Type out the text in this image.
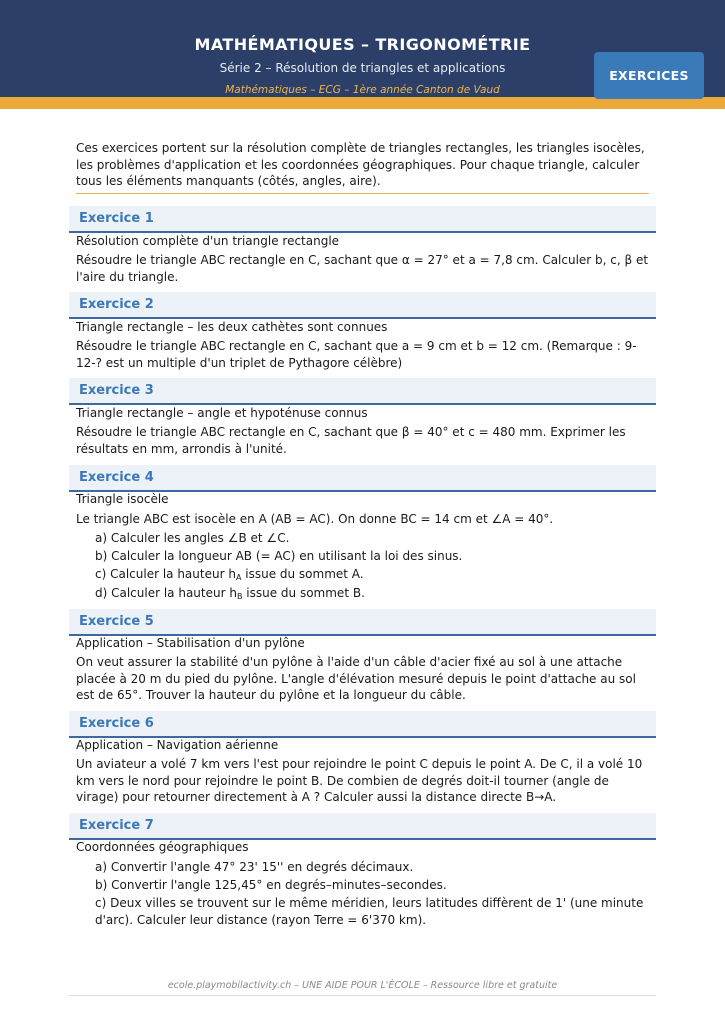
MATHÉMATIQUES – TRIGONOMÉTRIE
Série 2 – Résolution de triangles et applications
Mathématiques – ECG – 1ère année Canton de Vaud
EXERCICES
Ces exercices portent sur la résolution complète de triangles rectangles, les triangles isocèles, les problèmes d'application et les coordonnées géographiques. Pour chaque triangle, calculer tous les éléments manquants (côtés, angles, aire).
Exercice 1
Résolution complète d'un triangle rectangle
Résoudre le triangle ABC rectangle en C, sachant que α = 27° et a = 7,8 cm. Calculer b, c, β et l'aire du triangle.
Exercice 2
Triangle rectangle – les deux cathètes sont connues
Résoudre le triangle ABC rectangle en C, sachant que a = 9 cm et b = 12 cm. (Remarque : 9-12-? est un multiple d'un triplet de Pythagore célèbre)
Exercice 3
Triangle rectangle – angle et hypoténuse connus
Résoudre le triangle ABC rectangle en C, sachant que β = 40° et c = 480 mm. Exprimer les résultats en mm, arrondis à l'unité.
Exercice 4
Triangle isocèle
Le triangle ABC est isocèle en A (AB = AC). On donne BC = 14 cm et ∠A = 40°.
a) Calculer les angles ∠B et ∠C.
b) Calculer la longueur AB (= AC) en utilisant la loi des sinus.
c) Calculer la hauteur $h_A$ issue du sommet A.
d) Calculer la hauteur $h_B$ issue du sommet B.
Exercice 5
Application – Stabilisation d'un pylône
On veut assurer la stabilité d'un pylône à l'aide d'un câble d'acier fixé au sol à une attache placée à 20 m du pied du pylône. L'angle d'élévation mesuré depuis le point d'attache au sol est de 65°. Trouver la hauteur du pylône et la longueur du câble.
Exercice 6
Application – Navigation aérienne
Un aviateur a volé 7 km vers l'est pour rejoindre le point C depuis le point A. De C, il a volé 10 km vers le nord pour rejoindre le point B. De combien de degrés doit-il tourner (angle de virage) pour retourner directement à A ? Calculer aussi la distance directe B→A.
Exercice 7
Coordonnées géographiques
a) Convertir l'angle 47° 23' 15'' en degrés décimaux.
b) Convertir l'angle 125,45° en degrés–minutes–secondes.
c) Deux villes se trouvent sur le même méridien, leurs latitudes diffèrent de 1' (une minute d'arc). Calculer leur distance (rayon Terre = 6'370 km).
ecole.playmobilactivity.ch – UNE AIDE POUR L'ÉCOLE – Ressource libre et gratuite
